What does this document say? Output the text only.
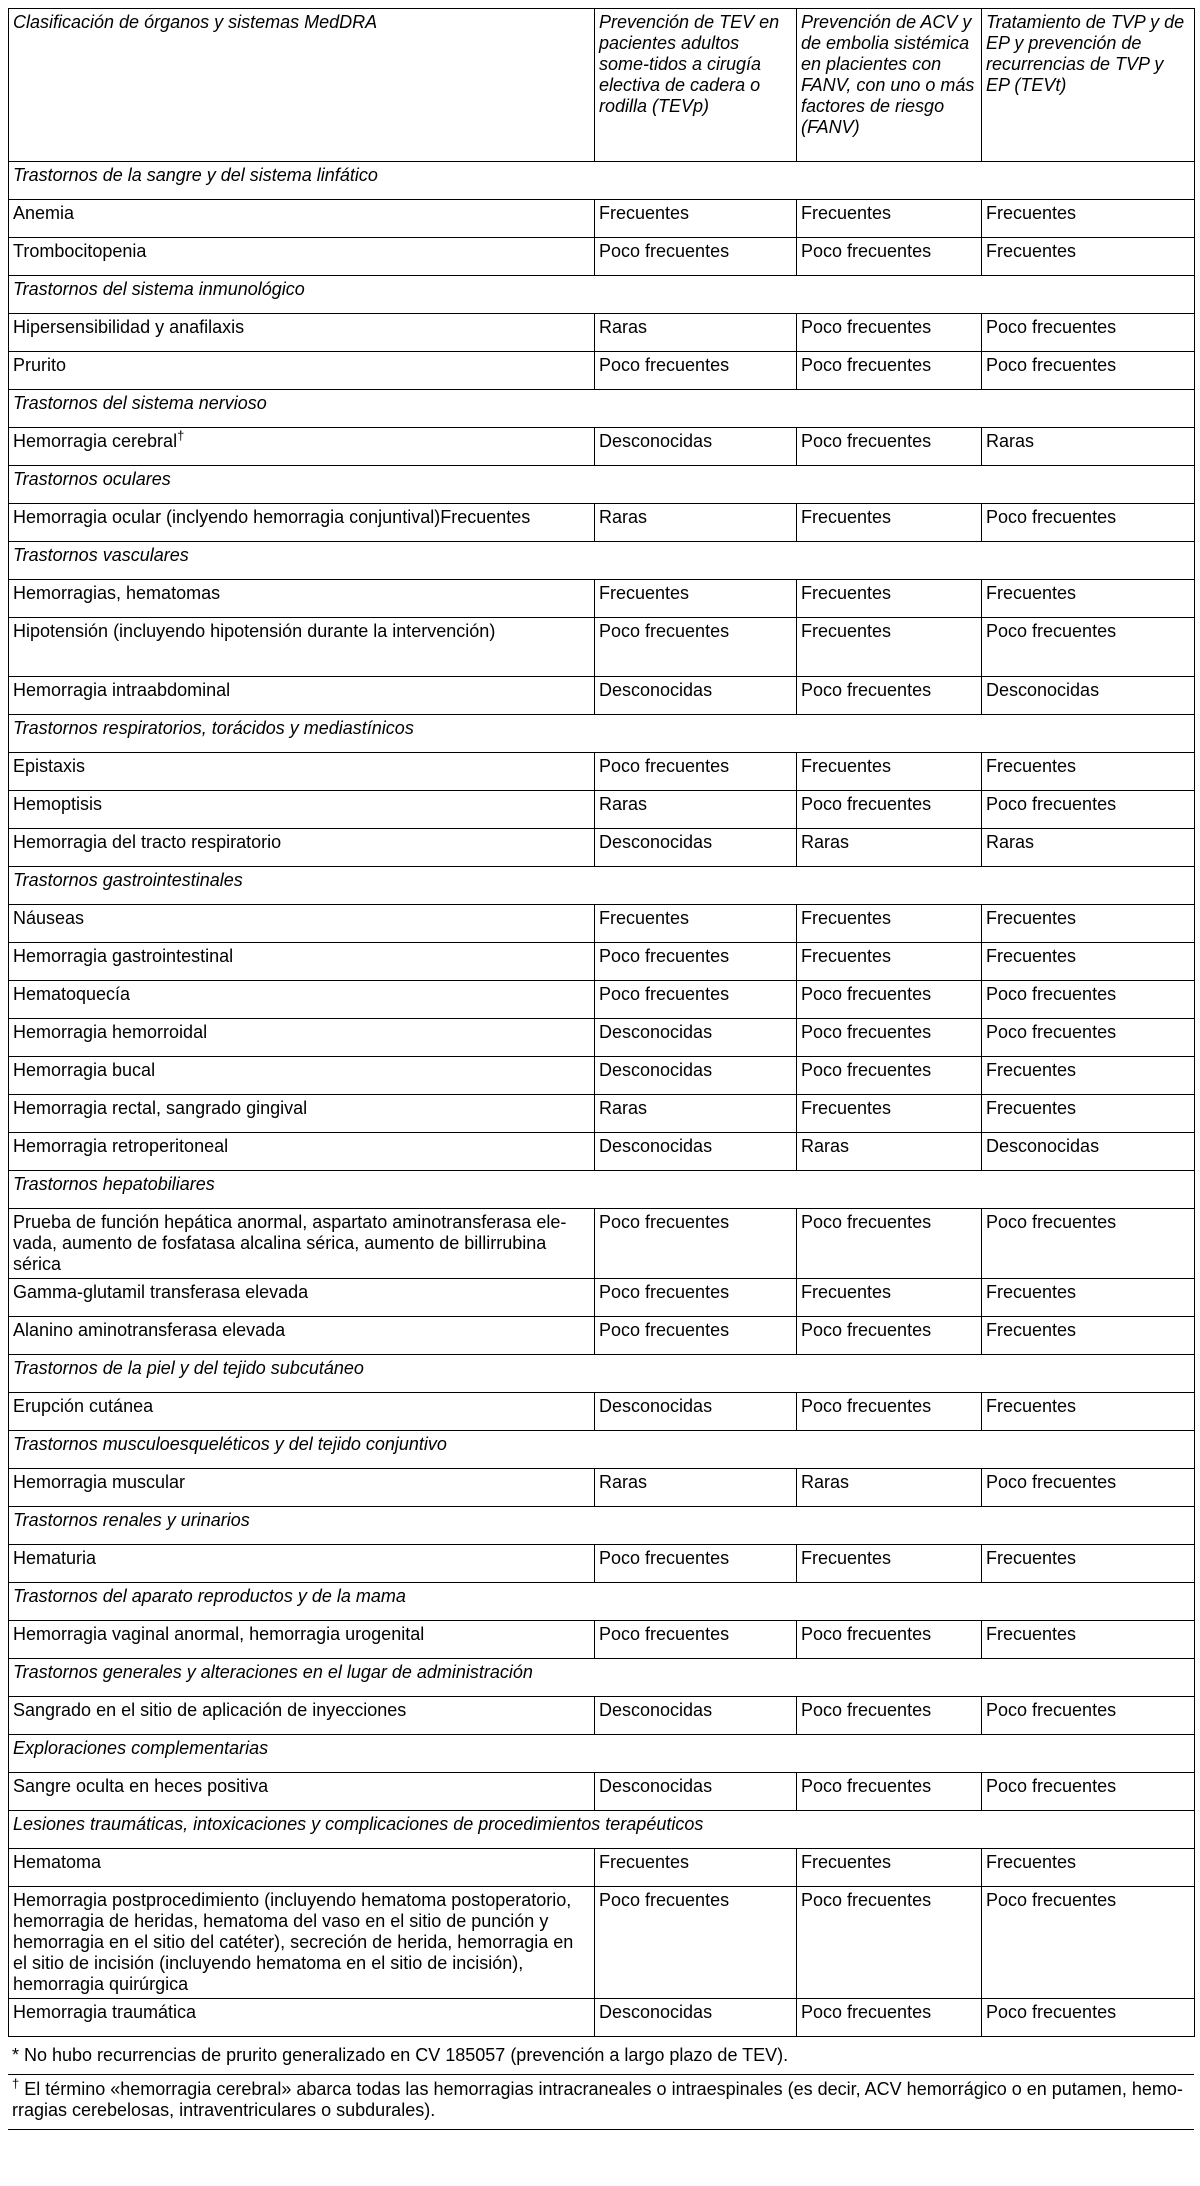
Clasificación de órganos y sistemas MedDRA	Prevención de TEV en pacientes adultos some-tidos a cirugía electiva de cadera o rodilla (TEVp)	Prevención de ACV y de embolia sistémica en placientes con FANV, con uno o más factores de riesgo (FANV)	Tratamiento de TVP y de EP y prevención de recurrencias de TVP y EP (TEVt)
Trastornos de la sangre y del sistema linfático			
Anemia	Frecuentes	Frecuentes	Frecuentes
Trombocitopenia	Poco frecuentes	Poco frecuentes	Frecuentes
Trastornos del sistema inmunológico			
Hipersensibilidad y anafilaxis	Raras	Poco frecuentes	Poco frecuentes
Prurito	Poco frecuentes	Poco frecuentes	Poco frecuentes
Trastornos del sistema nervioso			
Hemorragia cerebral†	Desconocidas	Poco frecuentes	Raras
Trastornos oculares			
Hemorragia ocular (inclyendo hemorragia conjuntival)Frecuentes	Raras	Frecuentes	Poco frecuentes
Trastornos vasculares			
Hemorragias, hematomas	Frecuentes	Frecuentes	Frecuentes
Hipotensión (incluyendo hipotensión durante la intervención)	Poco frecuentes	Frecuentes	Poco frecuentes
Hemorragia intraabdominal	Desconocidas	Poco frecuentes	Desconocidas
Trastornos respiratorios, torácidos y mediastínicos			
Epistaxis	Poco frecuentes	Frecuentes	Frecuentes
Hemoptisis	Raras	Poco frecuentes	Poco frecuentes
Hemorragia del tracto respiratorio	Desconocidas	Raras	Raras
Trastornos gastrointestinales			
Náuseas	Frecuentes	Frecuentes	Frecuentes
Hemorragia gastrointestinal	Poco frecuentes	Frecuentes	Frecuentes
Hematoquecía	Poco frecuentes	Poco frecuentes	Poco frecuentes
Hemorragia hemorroidal	Desconocidas	Poco frecuentes	Poco frecuentes
Hemorragia bucal	Desconocidas	Poco frecuentes	Frecuentes
Hemorragia rectal, sangrado gingival	Raras	Frecuentes	Frecuentes
Hemorragia retroperitoneal	Desconocidas	Raras	Desconocidas
Trastornos hepatobiliares			
Prueba de función hepática anormal, aspartato aminotransferasa ele-vada, aumento de fosfatasa alcalina sérica, aumento de billirrubina sérica	Poco frecuentes	Poco frecuentes	Poco frecuentes
Gamma-glutamil transferasa elevada	Poco frecuentes	Frecuentes	Frecuentes
Alanino aminotransferasa elevada	Poco frecuentes	Poco frecuentes	Frecuentes
Trastornos de la piel y del tejido subcutáneo			
Erupción cutánea	Desconocidas	Poco frecuentes	Frecuentes
Trastornos musculoesqueléticos y del tejido conjuntivo			
Hemorragia muscular	Raras	Raras	Poco frecuentes
Trastornos renales y urinarios			
Hematuria	Poco frecuentes	Frecuentes	Frecuentes
Trastornos del aparato reproductos y de la mama			
Hemorragia vaginal anormal, hemorragia urogenital	Poco frecuentes	Poco frecuentes	Frecuentes
Trastornos generales y alteraciones en el lugar de administración			
Sangrado en el sitio de aplicación de inyecciones	Desconocidas	Poco frecuentes	Poco frecuentes
Exploraciones complementarias			
Sangre oculta en heces positiva	Desconocidas	Poco frecuentes	Poco frecuentes
Lesiones traumáticas, intoxicaciones y complicaciones de procedimientos terapéuticos			
Hematoma	Frecuentes	Frecuentes	Frecuentes
Hemorragia postprocedimiento (incluyendo hematoma postoperatorio, hemorragia de heridas, hematoma del vaso en el sitio de punción y hemorragia en el sitio del catéter), secreción de herida, hemorragia en el sitio de incisión (incluyendo hematoma en el sitio de incisión), hemorragia quirúrgica	Poco frecuentes	Poco frecuentes	Poco frecuentes
Hemorragia traumática	Desconocidas	Poco frecuentes	Poco frecuentes
* No hubo recurrencias de prurito generalizado en CV 185057 (prevención a largo plazo de TEV).
† El término «hemorragia cerebral» abarca todas las hemorragias intracraneales o intraespinales (es decir, ACV hemorrágico o en putamen, hemo-rragias cerebelosas, intraventriculares o subdurales).
